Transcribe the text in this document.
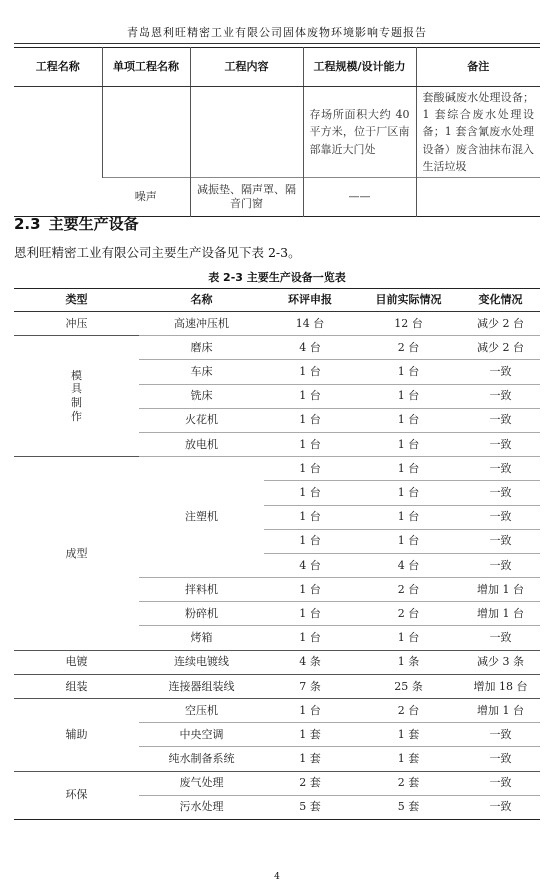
青岛恩利旺精密工业有限公司固体废物环境影响专题报告
工程名称	单项工程名称	工程内容	工程规模/设计能力	备注
			存场所面积大约 40 平方米，位于厂区南部靠近大门处	套酸碱废水处理设备；1 套综合废水处理设备；1 套含氰废水处理设备）废含油抹布混入生活垃圾
	噪声	减振垫、隔声罩、隔音门窗	——	
2.3 主要生产设备
恩利旺精密工业有限公司主要生产设备见下表 2-3。
表 2-3 主要生产设备一览表
类型	名称	环评申报	目前实际情况	变化情况
冲压	高速冲压机	14 台	12 台	减少 2 台
模具制作	磨床	4 台	2 台	减少 2 台
	车床	1 台	1 台	一致
	铣床	1 台	1 台	一致
	火花机	1 台	1 台	一致
	放电机	1 台	1 台	一致
成型	注塑机	1 台	1 台	一致
		1 台	1 台	一致
		1 台	1 台	一致
		1 台	1 台	一致
		4 台	4 台	一致
	拌料机	1 台	2 台	增加 1 台
	粉碎机	1 台	2 台	增加 1 台
	烤箱	1 台	1 台	一致
电镀	连续电镀线	4 条	1 条	减少 3 条
组装	连接器组装线	7 条	25 条	增加 18 台
辅助	空压机	1 台	2 台	增加 1 台
	中央空调	1 套	1 套	一致
	纯水制备系统	1 套	1 套	一致
环保	废气处理	2 套	2 套	一致
	污水处理	5 套	5 套	一致
4
